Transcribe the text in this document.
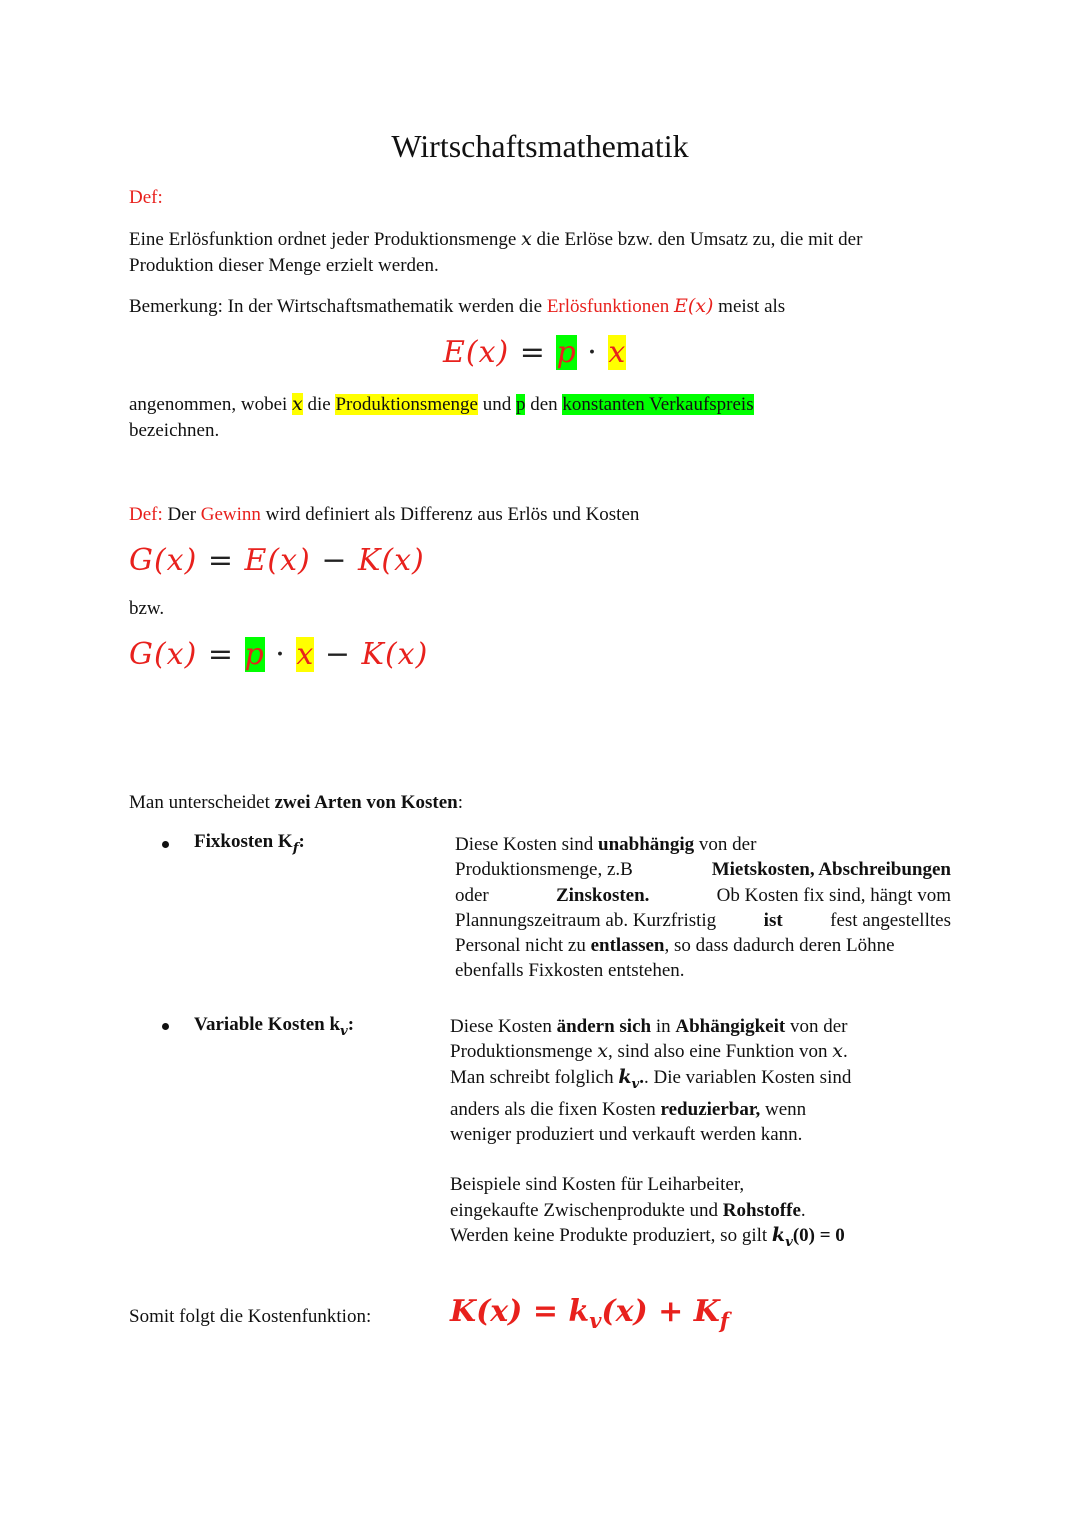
Wirtschaftsmathematik
Def:
Eine Erlösfunktion ordnet jeder Produktionsmenge x die Erlöse bzw. den Umsatz zu, die mit der
Produktion dieser Menge erzielt werden.
Bemerkung: In der Wirtschaftsmathematik werden die Erlösfunktionen E(x) meist als
E(x) = p · x
angenommen, wobei x die Produktionsmenge und p den konstanten Verkaufspreis
bezeichnen.
Def: Der Gewinn wird definiert als Differenz aus Erlös und Kosten
G(x) = E(x) − K(x)
bzw.
G(x) = p · x − K(x)
Man unterscheidet zwei Arten von Kosten:
Fixkosten $K_f$:	Diese Kosten sind unabhängig von der
Produktionsmenge, z.B	Mietskosten, Abschreibungen
oder	Zinskosten.	Ob Kosten fix sind, hängt vom
Plannungszeitraum ab. Kurzfristig ist fest angestelltes
Personal nicht zu entlassen, so dass dadurch deren Löhne
ebenfalls Fixkosten entstehen.
Variable Kosten $k_v$:	Diese Kosten ändern sich in Abhängigkeit von der
Produktionsmenge x, sind also eine Funktion von x.
Man schreibt folglich $k_v$.. Die variablen Kosten sind
anders als die fixen Kosten reduzierbar, wenn
weniger produziert und verkauft werden kann.
Beispiele sind Kosten für Leiharbeiter,
eingekaufte Zwischenprodukte und Rohstoffe.
Werden keine Produkte produziert, so gilt $k_v(0) = 0$
Somit folgt die Kostenfunktion:	$K(x) = k_v(x) + K_f$
